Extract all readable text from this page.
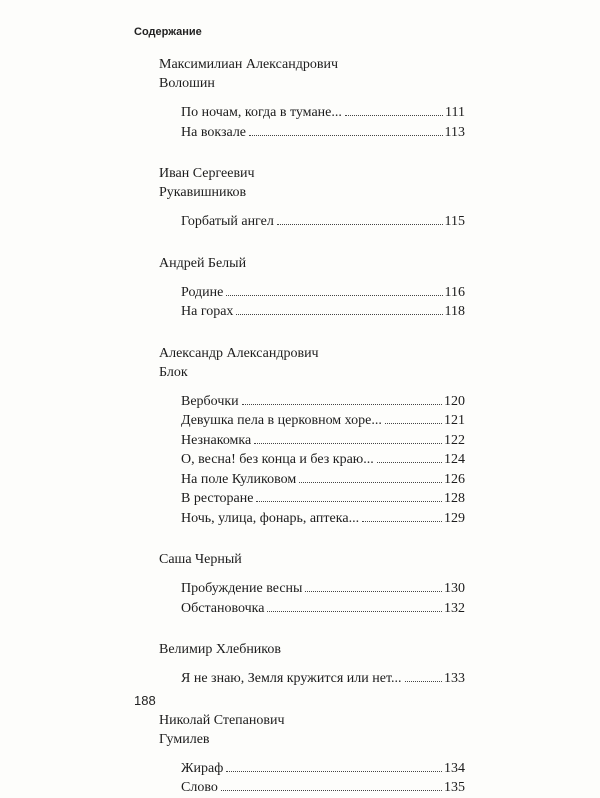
Содержание
Максимилиан Александрович
Волошин
По ночам, когда в тумане...	111
На вокзале	113
Иван Сергеевич
Рукавишников
Горбатый ангел	115
Андрей Белый
Родине	116
На горах	118
Александр Александрович
Блок
Вербочки	120
Девушка пела в церковном хоре...	121
Незнакомка	122
О, весна! без конца и без краю...	124
На поле Куликовом	126
В ресторане	128
Ночь, улица, фонарь, аптека...	129
Саша Черный
Пробуждение весны	130
Обстановочка	132
Велимир Хлебников
Я не знаю, Земля кружится или нет...	133
Николай Степанович
Гумилев
Жираф	134
Слово	135
188
